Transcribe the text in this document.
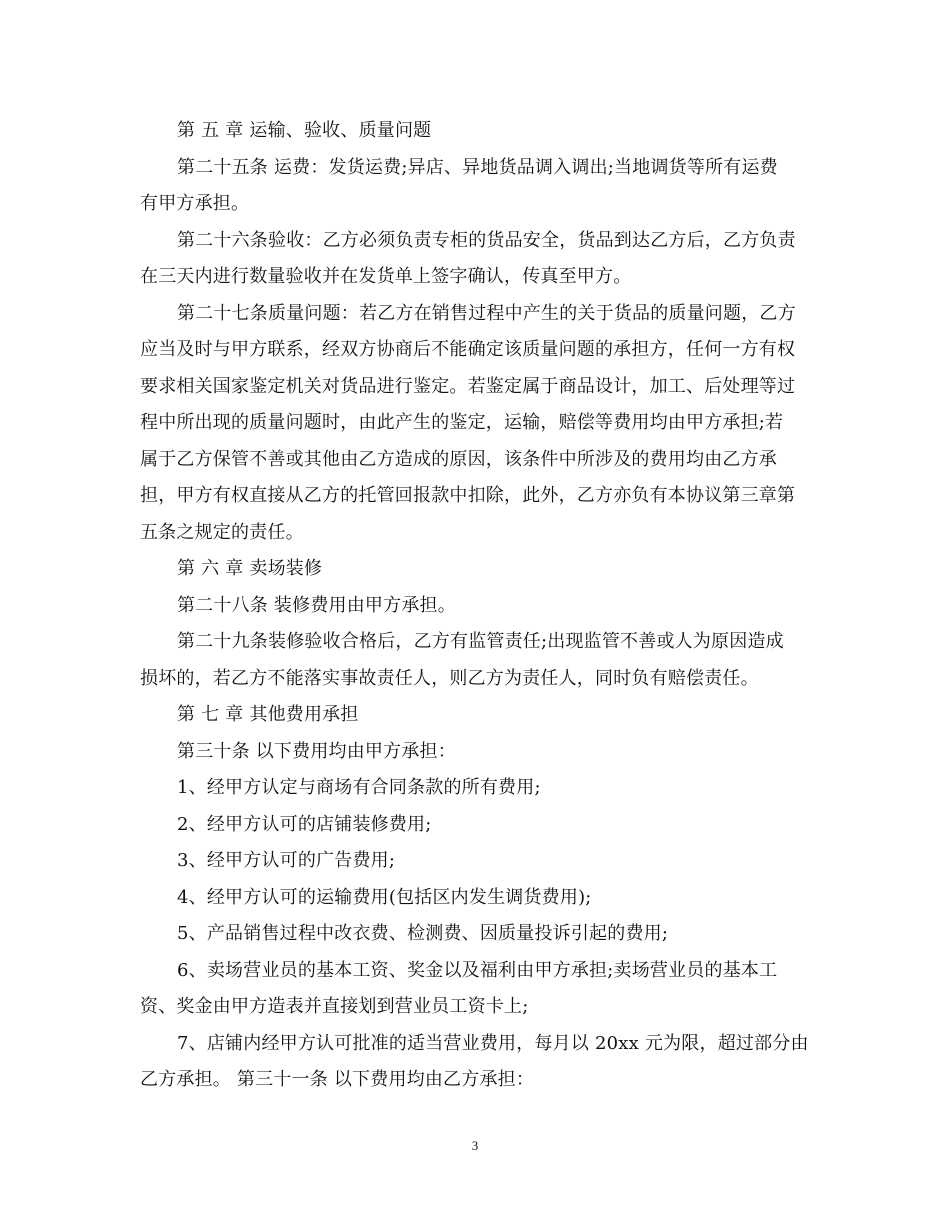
第 五 章 运输、验收、质量问题
第二十五条 运费：发货运费;异店、异地货品调入调出;当地调货等所有运费
有甲方承担。
第二十六条验收：乙方必须负责专柜的货品安全，货品到达乙方后，乙方负责
在三天内进行数量验收并在发货单上签字确认，传真至甲方。
第二十七条质量问题：若乙方在销售过程中产生的关于货品的质量问题，乙方
应当及时与甲方联系，经双方协商后不能确定该质量问题的承担方，任何一方有权
要求相关国家鉴定机关对货品进行鉴定。若鉴定属于商品设计，加工、后处理等过
程中所出现的质量问题时，由此产生的鉴定，运输，赔偿等费用均由甲方承担;若
属于乙方保管不善或其他由乙方造成的原因，该条件中所涉及的费用均由乙方承
担，甲方有权直接从乙方的托管回报款中扣除，此外，乙方亦负有本协议第三章第
五条之规定的责任。
第 六 章 卖场装修
第二十八条 装修费用由甲方承担。
第二十九条装修验收合格后，乙方有监管责任;出现监管不善或人为原因造成
损坏的，若乙方不能落实事故责任人，则乙方为责任人，同时负有赔偿责任。
第 七 章 其他费用承担
第三十条 以下费用均由甲方承担：
1、经甲方认定与商场有合同条款的所有费用;
2、经甲方认可的店铺装修费用;
3、经甲方认可的广告费用;
4、经甲方认可的运输费用(包括区内发生调货费用);
5、产品销售过程中改衣费、检测费、因质量投诉引起的费用;
6、卖场营业员的基本工资、奖金以及福利由甲方承担;卖场营业员的基本工
资、奖金由甲方造表并直接划到营业员工资卡上;
7、店铺内经甲方认可批准的适当营业费用，每月以 20xx 元为限，超过部分由
乙方承担。 第三十一条 以下费用均由乙方承担：
3
